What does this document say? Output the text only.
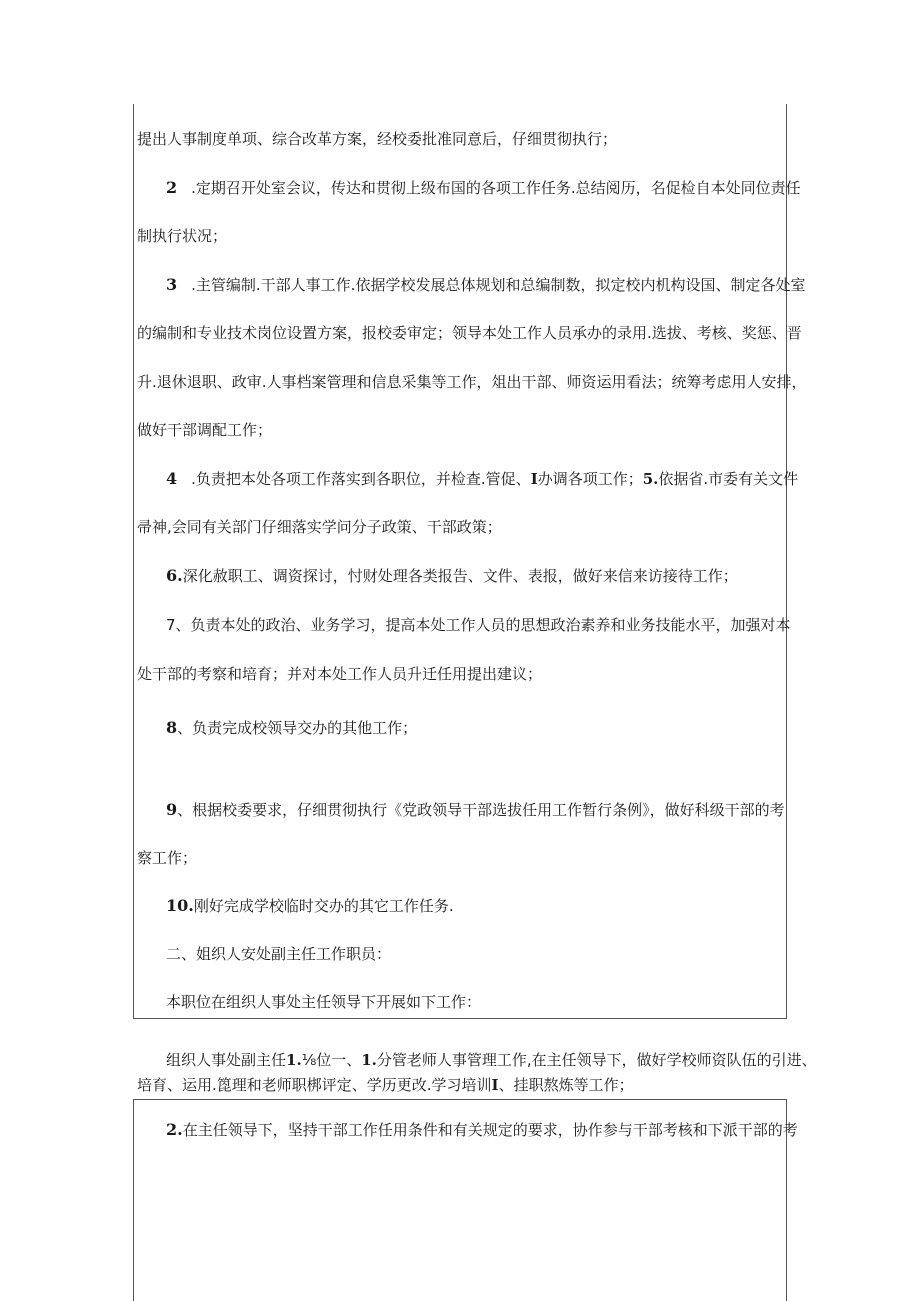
提出人事制度单项、综合改革方案，经校委批准同意后，仔细贯彻执行；
2 .定期召开处室会议，传达和贯彻上级布国的各项工作任务.总结阅历，名促检自本处同位责任
制执行状况；
3 .主管编制.干部人事工作.依据学校发展总体规划和总编制数，拟定校内机构设国、制定各处室
的编制和专业技术岗位设置方案，报校委审定；领导本处工作人员承办的录用.选拔、考核、奖惩、晋
升.退休退职、政审.人事档案管理和信息采集等工作，俎出干部、师资运用看法；统筹考虑用人安排，
做好干部调配工作；
4 .负责把本处各项工作落实到各职位，并检查.管促、I办调各项工作；5.依据省.市委有关文件
帚神,会同有关部门仔细落实学问分子政策、干部政策；
6.深化赦职工、调资探讨，忖财处理各类报告、文件、表报，做好来信来访接待工作；
7、负责本处的政治、业务学习，提高本处工作人员的思想政治素养和业务技能水平，加强对本
处干部的考察和培育；并对本处工作人员升迁任用提出建议；
8、负责完成校领导交办的其他工作；
9、根据校委要求，仔细贯彻执行《党政领导干部选拔任用工作暂行条例》，做好科级干部的考
察工作；
10.刚好完成学校临时交办的其它工作任务.
二、姐织人安处副主任工作职员：
本职位在组织人事处主任领导下开展如下工作：
组织人事处副主任1.⅛位一、1.分管老师人事管理工作,在主任领导下，做好学校师资队伍的引进、
培育、运用.箆理和老师职梆评定、学历更改.学习培训I、挂职熬炼等工作；
2.在主任领导下，坚持干部工作任用条件和有关规定的要求，协作参与干部考核和下派干部的考
